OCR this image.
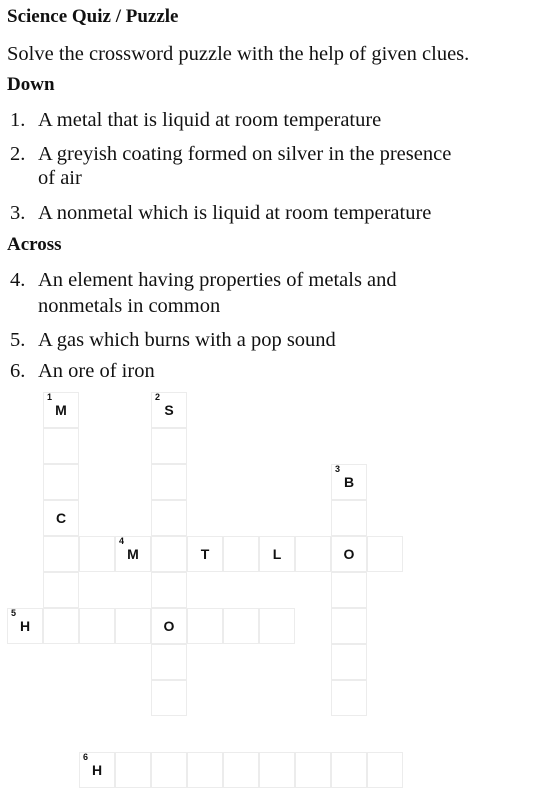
Science Quiz / Puzzle
Solve the crossword puzzle with the help of given clues.
Down
1. A metal that is liquid at room temperature
2. A greyish coating formed on silver in the presence
of air
3. A nonmetal which is liquid at room temperature
Across
4. An element having properties of metals and
nonmetals in common
5. A gas which burns with a pop sound
6. An ore of iron
1
M
C
2
S
O
3
B
O
4
M	T	L
5
H
6
H
